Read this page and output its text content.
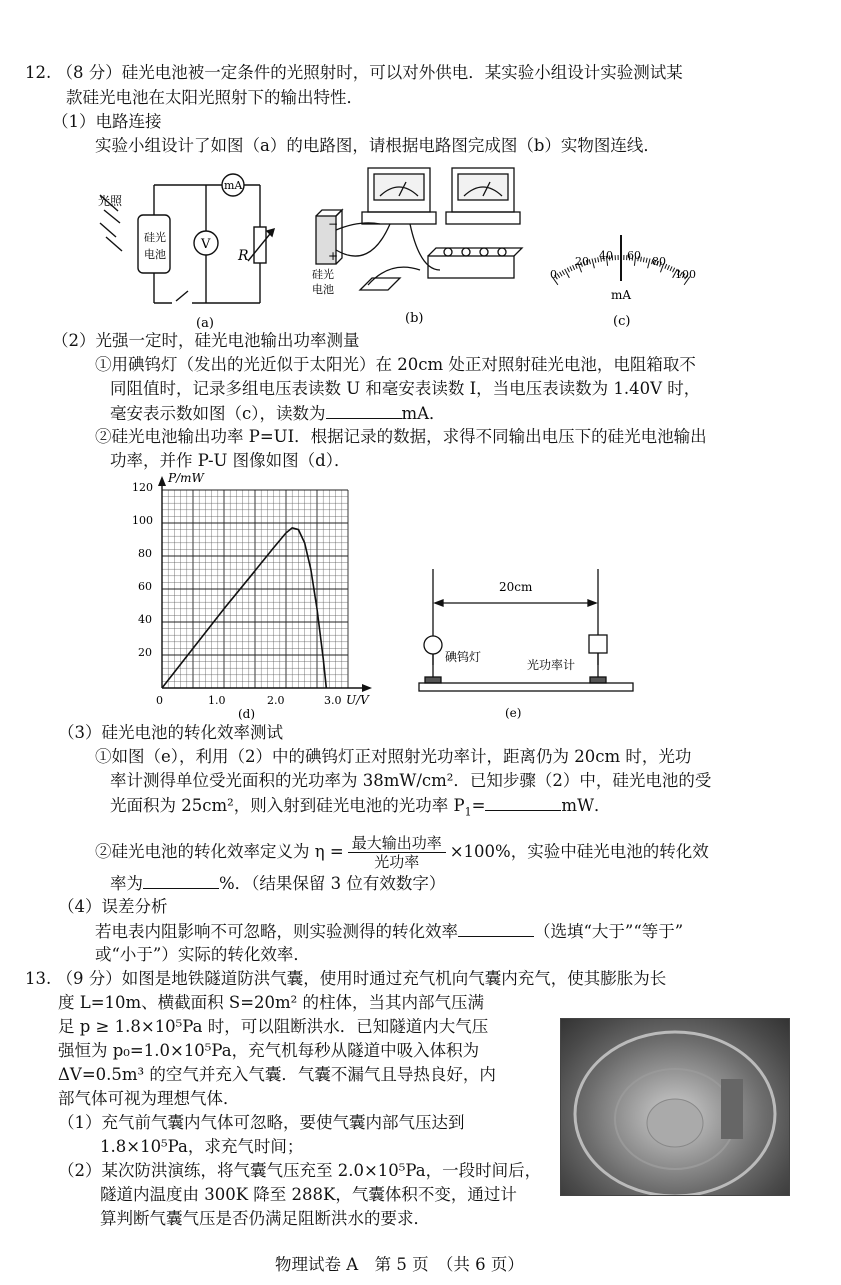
12. （8 分）硅光电池被一定条件的光照射时，可以对外供电．某实验小组设计实验测试某
款硅光电池在太阳光照射下的输出特性．
（1）电路连接
实验小组设计了如图（a）的电路图，请根据电路图完成图（b）实物图连线．
光照
硅光
电池
mA
V
R
(a)
−
+
硅光
电池
(b)
0
20 40 60 80
100
mA
(c)
（2）光强一定时，硅光电池输出功率测量
①用碘钨灯（发出的光近似于太阳光）在 20cm 处正对照射硅光电池，电阻箱取不
同阻值时，记录多组电压表读数 U 和毫安表读数 I，当电压表读数为 1.40V 时，
毫安表示数如图（c），读数为	mA．
②硅光电池输出功率 P=UI．根据记录的数据，求得不同输出电压下的硅光电池输出
功率，并作 P-U 图像如图（d）．
P/mW
U/V
0	1.0	2.0	3.0
20
40
60
80
100
120
(d)
20cm
碘钨灯
光功率计
(e)
（3）硅光电池的转化效率测试
①如图（e），利用（2）中的碘钨灯正对照射光功率计，距离仍为 20cm 时，光功
率计测得单位受光面积的光功率为 38mW/cm²．已知步骤（2）中，硅光电池的受
光面积为 25cm²，则入射到硅光电池的光功率 $P_1=$	mW．
②硅光电池的转化效率定义为 $\eta = \frac{\text{最大输出功率}}{\text{光功率}} \times 100\%$，实验中硅光电池的转化效
率为	%．（结果保留 3 位有效数字）
（4）误差分析
若电表内阻影响不可忽略，则实验测得的转化效率	（选填“大于”“等于”
或“小于”）实际的转化效率．
13. （9 分）如图是地铁隧道防洪气囊，使用时通过充气机向气囊内充气，使其膨胀为长
度 L=10m、横截面积 S=20m² 的柱体，当其内部气压满
足 p ≥ 1.8×10⁵Pa 时，可以阻断洪水．已知隧道内大气压
强恒为 p₀=1.0×10⁵Pa，充气机每秒从隧道中吸入体积为
ΔV=0.5m³ 的空气并充入气囊．气囊不漏气且导热良好，内
部气体可视为理想气体．
（1）充气前气囊内气体可忽略，要使气囊内部气压达到
1.8×10⁵Pa，求充气时间；
（2）某次防洪演练，将气囊气压充至 2.0×10⁵Pa，一段时间后，
隧道内温度由 300K 降至 288K，气囊体积不变，通过计
算判断气囊气压是否仍满足阻断洪水的要求．
物理试卷 A　第 5 页　（共 6 页）
